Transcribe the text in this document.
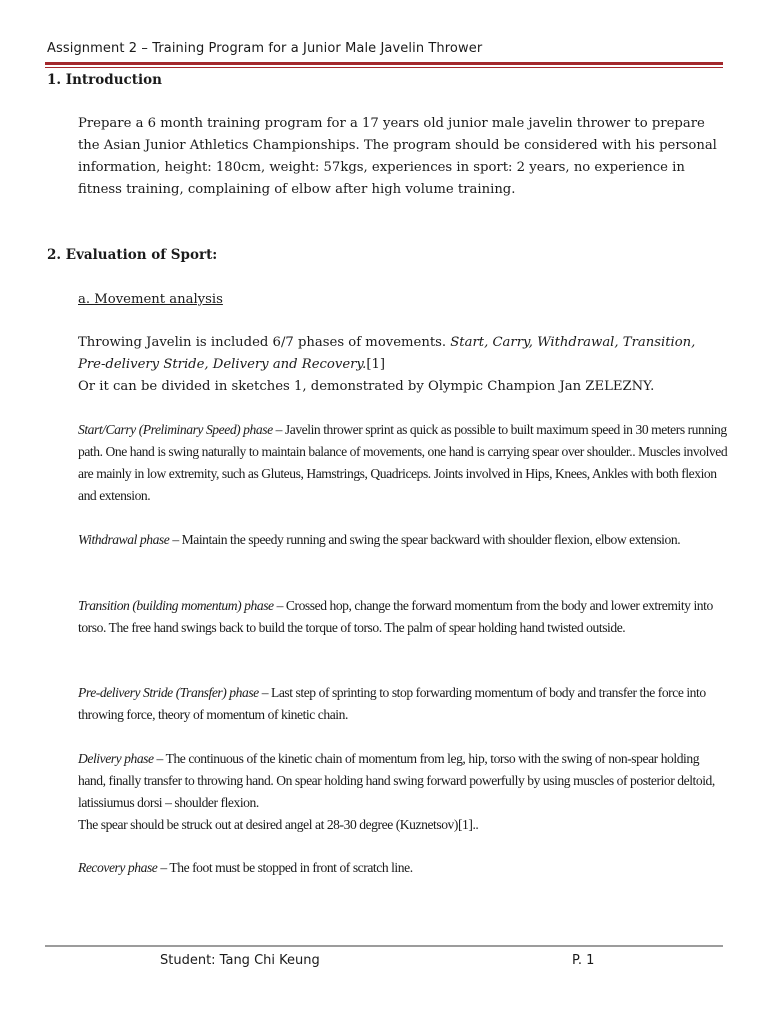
Assignment 2 – Training Program for a Junior Male Javelin Thrower
1. Introduction
Prepare a 6 month training program for a 17 years old junior male javelin thrower to prepare the Asian Junior Athletics Championships. The program should be considered with his personal information, height: 180cm, weight: 57kgs, experiences in sport: 2 years, no experience in fitness training, complaining of elbow after high volume training.
2. Evaluation of Sport:
a. Movement analysis
Throwing Javelin is included 6/7 phases of movements. Start, Carry, Withdrawal, Transition, Pre-delivery Stride, Delivery and Recovery.[1]
Or it can be divided in sketches 1, demonstrated by Olympic Champion Jan ZELEZNY.
Start/Carry (Preliminary Speed) phase – Javelin thrower sprint as quick as possible to built maximum speed in 30 meters running path. One hand is swing naturally to maintain balance of movements, one hand is carrying spear over shoulder.. Muscles involved are mainly in low extremity, such as Gluteus, Hamstrings, Quadriceps. Joints involved in Hips, Knees, Ankles with both flexion and extension.
Withdrawal phase – Maintain the speedy running and swing the spear backward with shoulder flexion, elbow extension.
Transition (building momentum) phase – Crossed hop, change the forward momentum from the body and lower extremity into torso. The free hand swings back to build the torque of torso. The palm of spear holding hand twisted outside.
Pre-delivery Stride (Transfer) phase – Last step of sprinting to stop forwarding momentum of body and transfer the force into throwing force, theory of momentum of kinetic chain.
Delivery phase – The continuous of the kinetic chain of momentum from leg, hip, torso with the swing of non-spear holding hand, finally transfer to throwing hand. On spear holding hand swing forward powerfully by using muscles of posterior deltoid, latissiumus dorsi – shoulder flexion.
The spear should be struck out at desired angel at 28-30 degree (Kuznetsov)[1]..
Recovery phase – The foot must be stopped in front of scratch line.
Student: Tang Chi Keung	P. 1
